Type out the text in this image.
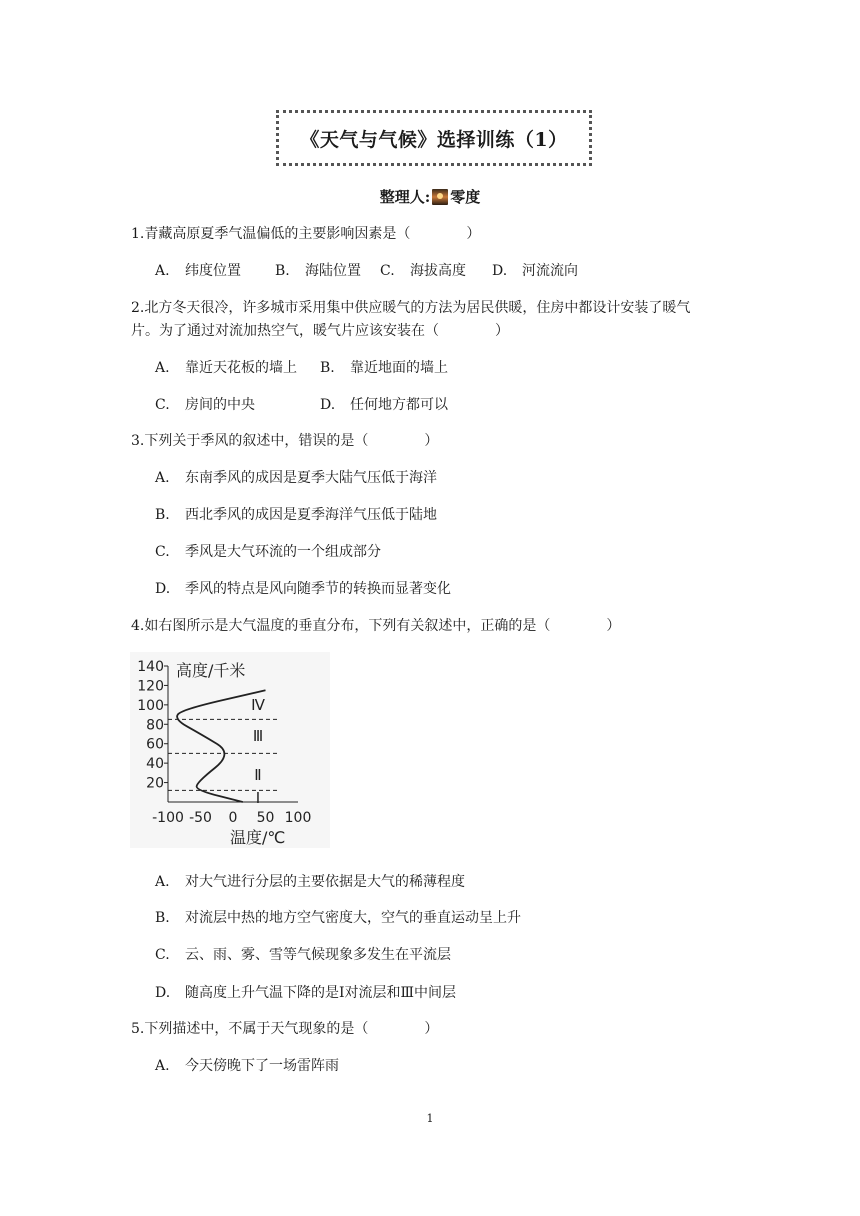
《天气与气候》选择训练（1）
整理人: 零度
1.青藏高原夏季气温偏低的主要影响因素是（　　　　）
A.	纬度位置	B.	海陆位置	C.	海拔高度	D.	河流流向
2.北方冬天很冷，许多城市采用集中供应暖气的方法为居民供暖，住房中都设计安装了暖气
片。为了通过对流加热空气，暖气片应该安装在（　　　　）
A.	靠近天花板的墙上	B.	靠近地面的墙上
C.	房间的中央	D.	任何地方都可以
3.下列关于季风的叙述中，错误的是（　　　　）
A. 东南季风的成因是夏季大陆气压低于海洋
B. 西北季风的成因是夏季海洋气压低于陆地
C. 季风是大气环流的一个组成部分
D. 季风的特点是风向随季节的转换而显著变化
4.如右图所示是大气温度的垂直分布，下列有关叙述中，正确的是（　　　　）
140
120
100
80
60
40
20
-100 -50 0 50 100
Ⅰ
Ⅱ
Ⅲ
Ⅳ
高度/千米
温度/℃
A. 对大气进行分层的主要依据是大气的稀薄程度
B. 对流层中热的地方空气密度大，空气的垂直运动呈上升
C. 云、雨、雾、雪等气候现象多发生在平流层
D. 随高度上升气温下降的是Ⅰ对流层和Ⅲ中间层
5.下列描述中，不属于天气现象的是（　　　　）
A. 今天傍晚下了一场雷阵雨
1
